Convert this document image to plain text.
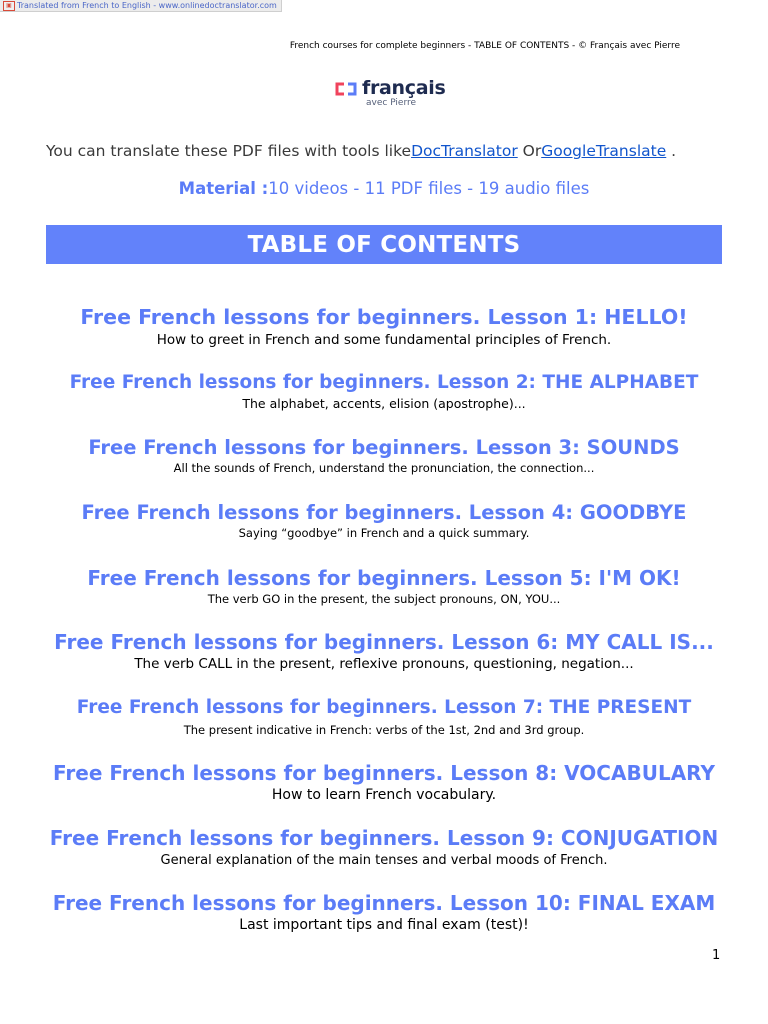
▣ Translated from French to English - www.onlinedoctranslator.com
French courses for complete beginners - TABLE OF CONTENTS - © Français avec Pierre
français
avec Pierre
You can translate these PDF files with tools likeDocTranslator OrGoogleTranslate .
Material :10 videos - 11 PDF files - 19 audio files
TABLE OF CONTENTS
Free French lessons for beginners. Lesson 1: HELLO!
How to greet in French and some fundamental principles of French.
Free French lessons for beginners. Lesson 2: THE ALPHABET
The alphabet, accents, elision (apostrophe)...
Free French lessons for beginners. Lesson 3: SOUNDS
All the sounds of French, understand the pronunciation, the connection...
Free French lessons for beginners. Lesson 4: GOODBYE
Saying “goodbye” in French and a quick summary.
Free French lessons for beginners. Lesson 5: I'M OK!
The verb GO in the present, the subject pronouns, ON, YOU...
Free French lessons for beginners. Lesson 6: MY CALL IS...
The verb CALL in the present, reflexive pronouns, questioning, negation...
Free French lessons for beginners. Lesson 7: THE PRESENT
The present indicative in French: verbs of the 1st, 2nd and 3rd group.
Free French lessons for beginners. Lesson 8: VOCABULARY
How to learn French vocabulary.
Free French lessons for beginners. Lesson 9: CONJUGATION
General explanation of the main tenses and verbal moods of French.
Free French lessons for beginners. Lesson 10: FINAL EXAM
Last important tips and final exam (test)!
1
